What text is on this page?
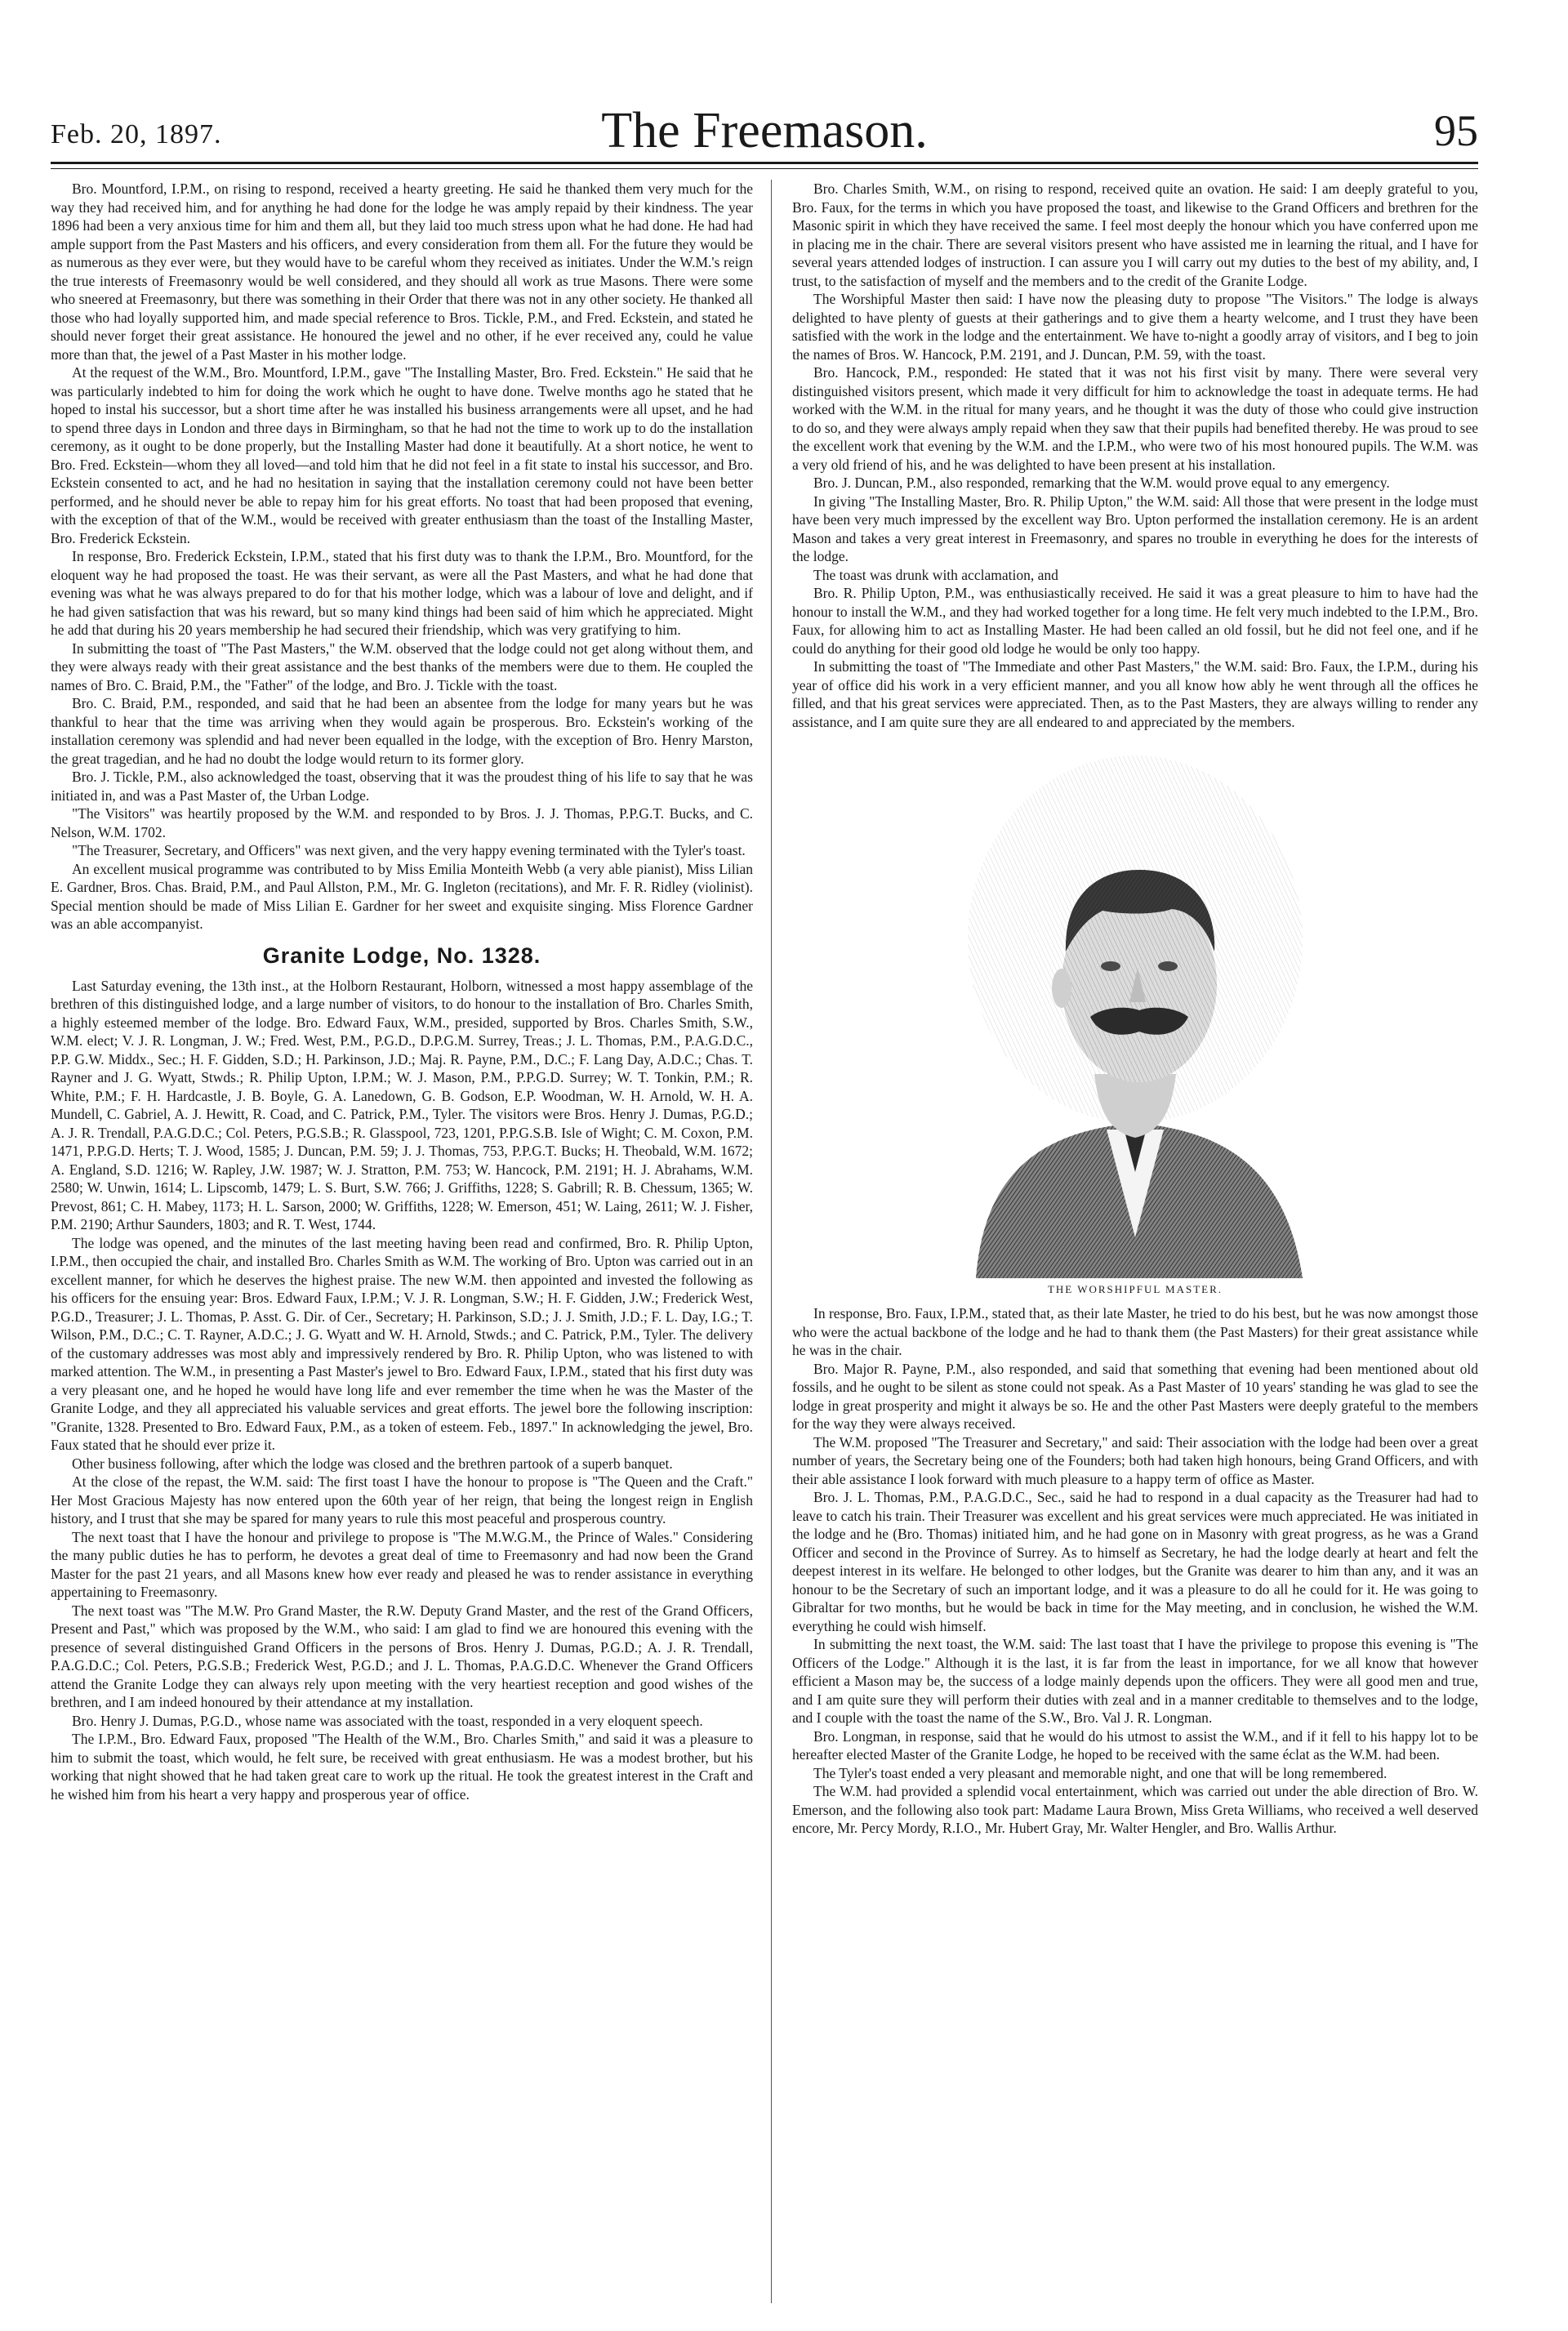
Feb. 20, 1897.	The Freemason.	95

Bro. Mountford, I.P.M., on rising to respond, received a hearty greeting. He said he thanked them very much for the way they had received him, and for anything he had done for the lodge he was amply repaid by their kindness. The year 1896 had been a very anxious time for him and them all, but they laid too much stress upon what he had done. He had had ample support from the Past Masters and his officers, and every consideration from them all. For the future they would be as numerous as they ever were, but they would have to be careful whom they received as initiates. Under the W.M.'s reign the true interests of Freemasonry would be well considered, and they should all work as true Masons. There were some who sneered at Freemasonry, but there was something in their Order that there was not in any other society. He thanked all those who had loyally supported him, and made special reference to Bros. Tickle, P.M., and Fred. Eckstein, and stated he should never forget their great assistance. He honoured the jewel and no other, if he ever received any, could he value more than that, the jewel of a Past Master in his mother lodge.

At the request of the W.M., Bro. Mountford, I.P.M., gave "The Installing Master, Bro. Fred. Eckstein." He said that he was particularly indebted to him for doing the work which he ought to have done. Twelve months ago he stated that he hoped to instal his successor, but a short time after he was installed his business arrangements were all upset, and he had to spend three days in London and three days in Birmingham, so that he had not the time to work up to do the installation ceremony, as it ought to be done properly, but the Installing Master had done it beautifully. At a short notice, he went to Bro. Fred. Eckstein—whom they all loved—and told him that he did not feel in a fit state to instal his successor, and Bro. Eckstein consented to act, and he had no hesitation in saying that the installation ceremony could not have been better performed, and he should never be able to repay him for his great efforts. No toast that had been proposed that evening, with the exception of that of the W.M., would be received with greater enthusiasm than the toast of the Installing Master, Bro. Frederick Eckstein.

In response, Bro. Frederick Eckstein, I.P.M., stated that his first duty was to thank the I.P.M., Bro. Mountford, for the eloquent way he had proposed the toast. He was their servant, as were all the Past Masters, and what he had done that evening was what he was always prepared to do for that his mother lodge, which was a labour of love and delight, and if he had given satisfaction that was his reward, but so many kind things had been said of him which he appreciated. Might he add that during his 20 years membership he had secured their friendship, which was very gratifying to him.

In submitting the toast of "The Past Masters," the W.M. observed that the lodge could not get along without them, and they were always ready with their great assistance and the best thanks of the members were due to them. He coupled the names of Bro. C. Braid, P.M., the "Father" of the lodge, and Bro. J. Tickle with the toast.

Bro. C. Braid, P.M., responded, and said that he had been an absentee from the lodge for many years but he was thankful to hear that the time was arriving when they would again be prosperous. Bro. Eckstein's working of the installation ceremony was splendid and had never been equalled in the lodge, with the exception of Bro. Henry Marston, the great tragedian, and he had no doubt the lodge would return to its former glory.

Bro. J. Tickle, P.M., also acknowledged the toast, observing that it was the proudest thing of his life to say that he was initiated in, and was a Past Master of, the Urban Lodge.

"The Visitors" was heartily proposed by the W.M. and responded to by Bros. J. J. Thomas, P.P.G.T. Bucks, and C. Nelson, W.M. 1702.

"The Treasurer, Secretary, and Officers" was next given, and the very happy evening terminated with the Tyler's toast.

An excellent musical programme was contributed to by Miss Emilia Monteith Webb (a very able pianist), Miss Lilian E. Gardner, Bros. Chas. Braid, P.M., and Paul Allston, P.M., Mr. G. Ingleton (recitations), and Mr. F. R. Ridley (violinist). Special mention should be made of Miss Lilian E. Gardner for her sweet and exquisite singing. Miss Florence Gardner was an able accompanyist.

Granite Lodge, No. 1328.

Last Saturday evening, the 13th inst., at the Holborn Restaurant, Holborn, witnessed a most happy assemblage of the brethren of this distinguished lodge, and a large number of visitors, to do honour to the installation of Bro. Charles Smith, a highly esteemed member of the lodge. Bro. Edward Faux, W.M., presided, supported by Bros. Charles Smith, S.W., W.M. elect; V. J. R. Longman, J. W.; Fred. West, P.M., P.G.D., D.P.G.M. Surrey, Treas.; J. L. Thomas, P.M., P.A.G.D.C., P.P. G.W. Middx., Sec.; H. F. Gidden, S.D.; H. Parkinson, J.D.; Maj. R. Payne, P.M., D.C.; F. Lang Day, A.D.C.; Chas. T. Rayner and J. G. Wyatt, Stwds.; R. Philip Upton, I.P.M.; W. J. Mason, P.M., P.P.G.D. Surrey; W. T. Tonkin, P.M.; R. White, P.M.; F. H. Hardcastle, J. B. Boyle, G. A. Lanedown, G. B. Godson, E.P. Woodman, W. H. Arnold, W. H. A. Mundell, C. Gabriel, A. J. Hewitt, R. Coad, and C. Patrick, P.M., Tyler. The visitors were Bros. Henry J. Dumas, P.G.D.; A. J. R. Trendall, P.A.G.D.C.; Col. Peters, P.G.S.B.; R. Glasspool, 723, 1201, P.P.G.S.B. Isle of Wight; C. M. Coxon, P.M. 1471, P.P.G.D. Herts; T. J. Wood, 1585; J. Duncan, P.M. 59; J. J. Thomas, 753, P.P.G.T. Bucks; H. Theobald, W.M. 1672; A. England, S.D. 1216; W. Rapley, J.W. 1987; W. J. Stratton, P.M. 753; W. Hancock, P.M. 2191; H. J. Abrahams, W.M. 2580; W. Unwin, 1614; L. Lipscomb, 1479; L. S. Burt, S.W. 766; J. Griffiths, 1228; S. Gabrill; R. B. Chessum, 1365; W. Prevost, 861; C. H. Mabey, 1173; H. L. Sarson, 2000; W. Griffiths, 1228; W. Emerson, 451; W. Laing, 2611; W. J. Fisher, P.M. 2190; Arthur Saunders, 1803; and R. T. West, 1744.

The lodge was opened, and the minutes of the last meeting having been read and confirmed, Bro. R. Philip Upton, I.P.M., then occupied the chair, and installed Bro. Charles Smith as W.M. The working of Bro. Upton was carried out in an excellent manner, for which he deserves the highest praise. The new W.M. then appointed and invested the following as his officers for the ensuing year: Bros. Edward Faux, I.P.M.; V. J. R. Longman, S.W.; H. F. Gidden, J.W.; Frederick West, P.G.D., Treasurer; J. L. Thomas, P. Asst. G. Dir. of Cer., Secretary; H. Parkinson, S.D.; J. J. Smith, J.D.; F. L. Day, I.G.; T. Wilson, P.M., D.C.; C. T. Rayner, A.D.C.; J. G. Wyatt and W. H. Arnold, Stwds.; and C. Patrick, P.M., Tyler. The delivery of the customary addresses was most ably and impressively rendered by Bro. R. Philip Upton, who was listened to with marked attention. The W.M., in presenting a Past Master's jewel to Bro. Edward Faux, I.P.M., stated that his first duty was a very pleasant one, and he hoped he would have long life and ever remember the time when he was the Master of the Granite Lodge, and they all appreciated his valuable services and great efforts. The jewel bore the following inscription: "Granite, 1328. Presented to Bro. Edward Faux, P.M., as a token of esteem. Feb., 1897." In acknowledging the jewel, Bro. Faux stated that he should ever prize it.

Other business following, after which the lodge was closed and the brethren partook of a superb banquet.

At the close of the repast, the W.M. said: The first toast I have the honour to propose is "The Queen and the Craft." Her Most Gracious Majesty has now entered upon the 60th year of her reign, that being the longest reign in English history, and I trust that she may be spared for many years to rule this most peaceful and prosperous country.

The next toast that I have the honour and privilege to propose is "The M.W.G.M., the Prince of Wales." Considering the many public duties he has to perform, he devotes a great deal of time to Freemasonry and had now been the Grand Master for the past 21 years, and all Masons knew how ever ready and pleased he was to render assistance in everything appertaining to Freemasonry.

The next toast was "The M.W. Pro Grand Master, the R.W. Deputy Grand Master, and the rest of the Grand Officers, Present and Past," which was proposed by the W.M., who said: I am glad to find we are honoured this evening with the presence of several distinguished Grand Officers in the persons of Bros. Henry J. Dumas, P.G.D.; A. J. R. Trendall, P.A.G.D.C.; Col. Peters, P.G.S.B.; Frederick West, P.G.D.; and J. L. Thomas, P.A.G.D.C. Whenever the Grand Officers attend the Granite Lodge they can always rely upon meeting with the very heartiest reception and good wishes of the brethren, and I am indeed honoured by their attendance at my installation.

Bro. Henry J. Dumas, P.G.D., whose name was associated with the toast, responded in a very eloquent speech.

The I.P.M., Bro. Edward Faux, proposed "The Health of the W.M., Bro. Charles Smith," and said it was a pleasure to him to submit the toast, which would, he felt sure, be received with great enthusiasm. He was a modest brother, but his working that night showed that he had taken great care to work up the ritual. He took the greatest interest in the Craft and he wished him from his heart a very happy and prosperous year of office.

Bro. Charles Smith, W.M., on rising to respond, received quite an ovation. He said: I am deeply grateful to you, Bro. Faux, for the terms in which you have proposed the toast, and likewise to the Grand Officers and brethren for the Masonic spirit in which they have received the same. I feel most deeply the honour which you have conferred upon me in placing me in the chair. There are several visitors present who have assisted me in learning the ritual, and I have for several years attended lodges of instruction. I can assure you I will carry out my duties to the best of my ability, and, I trust, to the satisfaction of myself and the members and to the credit of the Granite Lodge.

The Worshipful Master then said: I have now the pleasing duty to propose "The Visitors." The lodge is always delighted to have plenty of guests at their gatherings and to give them a hearty welcome, and I trust they have been satisfied with the work in the lodge and the entertainment. We have to-night a goodly array of visitors, and I beg to join the names of Bros. W. Hancock, P.M. 2191, and J. Duncan, P.M. 59, with the toast.

Bro. Hancock, P.M., responded: He stated that it was not his first visit by many. There were several very distinguished visitors present, which made it very difficult for him to acknowledge the toast in adequate terms. He had worked with the W.M. in the ritual for many years, and he thought it was the duty of those who could give instruction to do so, and they were always amply repaid when they saw that their pupils had benefited thereby. He was proud to see the excellent work that evening by the W.M. and the I.P.M., who were two of his most honoured pupils. The W.M. was a very old friend of his, and he was delighted to have been present at his installation.

Bro. J. Duncan, P.M., also responded, remarking that the W.M. would prove equal to any emergency.

In giving "The Installing Master, Bro. R. Philip Upton," the W.M. said: All those that were present in the lodge must have been very much impressed by the excellent way Bro. Upton performed the installation ceremony. He is an ardent Mason and takes a very great interest in Freemasonry, and spares no trouble in everything he does for the interests of the lodge.

The toast was drunk with acclamation, and

Bro. R. Philip Upton, P.M., was enthusiastically received. He said it was a great pleasure to him to have had the honour to install the W.M., and they had worked together for a long time. He felt very much indebted to the I.P.M., Bro. Faux, for allowing him to act as Installing Master. He had been called an old fossil, but he did not feel one, and if he could do anything for their good old lodge he would be only too happy.

In submitting the toast of "The Immediate and other Past Masters," the W.M. said: Bro. Faux, the I.P.M., during his year of office did his work in a very efficient manner, and you all know how ably he went through all the offices he filled, and that his great services were appreciated. Then, as to the Past Masters, they are always willing to render any assistance, and I am quite sure they are all endeared to and appreciated by the members.

THE WORSHIPFUL MASTER.

In response, Bro. Faux, I.P.M., stated that, as their late Master, he tried to do his best, but he was now amongst those who were the actual backbone of the lodge and he had to thank them (the Past Masters) for their great assistance while he was in the chair.

Bro. Major R. Payne, P.M., also responded, and said that something that evening had been mentioned about old fossils, and he ought to be silent as stone could not speak. As a Past Master of 10 years' standing he was glad to see the lodge in great prosperity and might it always be so. He and the other Past Masters were deeply grateful to the members for the way they were always received.

The W.M. proposed "The Treasurer and Secretary," and said: Their association with the lodge had been over a great number of years, the Secretary being one of the Founders; both had taken high honours, being Grand Officers, and with their able assistance I look forward with much pleasure to a happy term of office as Master.

Bro. J. L. Thomas, P.M., P.A.G.D.C., Sec., said he had to respond in a dual capacity as the Treasurer had had to leave to catch his train. Their Treasurer was excellent and his great services were much appreciated. He was initiated in the lodge and he (Bro. Thomas) initiated him, and he had gone on in Masonry with great progress, as he was a Grand Officer and second in the Province of Surrey. As to himself as Secretary, he had the lodge dearly at heart and felt the deepest interest in its welfare. He belonged to other lodges, but the Granite was dearer to him than any, and it was an honour to be the Secretary of such an important lodge, and it was a pleasure to do all he could for it. He was going to Gibraltar for two months, but he would be back in time for the May meeting, and in conclusion, he wished the W.M. everything he could wish himself.

In submitting the next toast, the W.M. said: The last toast that I have the privilege to propose this evening is "The Officers of the Lodge." Although it is the last, it is far from the least in importance, for we all know that however efficient a Mason may be, the success of a lodge mainly depends upon the officers. They were all good men and true, and I am quite sure they will perform their duties with zeal and in a manner creditable to themselves and to the lodge, and I couple with the toast the name of the S.W., Bro. Val J. R. Longman.

Bro. Longman, in response, said that he would do his utmost to assist the W.M., and if it fell to his happy lot to be hereafter elected Master of the Granite Lodge, he hoped to be received with the same éclat as the W.M. had been.

The Tyler's toast ended a very pleasant and memorable night, and one that will be long remembered.

The W.M. had provided a splendid vocal entertainment, which was carried out under the able direction of Bro. W. Emerson, and the following also took part: Madame Laura Brown, Miss Greta Williams, who received a well deserved encore, Mr. Percy Mordy, R.I.O., Mr. Hubert Gray, Mr. Walter Hengler, and Bro. Wallis Arthur.
